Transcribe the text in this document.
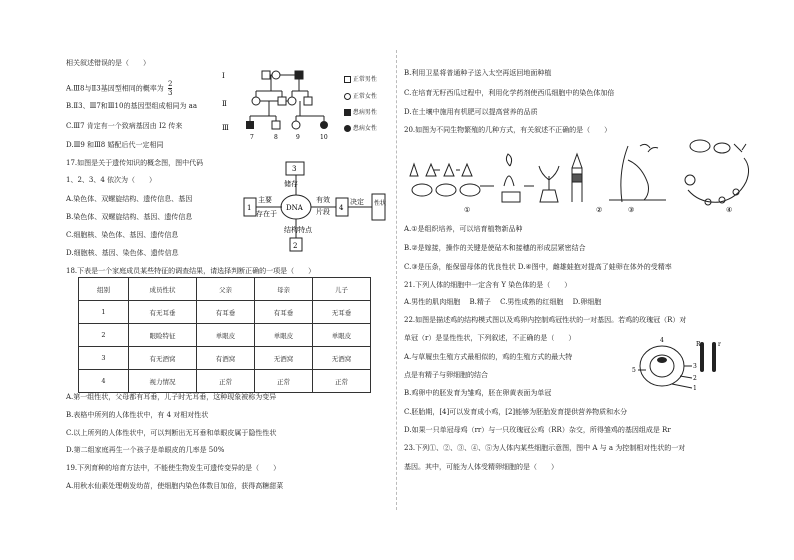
相关叙述错误的是（　　）
A.Ⅲ8与Ⅱ3基因型相同的概率为 $\frac{2}{3}$
B.Ⅱ3、Ⅲ7和Ⅲ10的基因型组成相同为 aa
C.Ⅲ7 肯定有一个致病基因由 I2 传来
D.Ⅲ9 和Ⅲ8 婚配后代一定相同
17.如图是关于遗传知识的概念图，图中代码
1、2、3、4 依次为（　　）
A.染色体、双螺旋结构、遗传信息、基因
B.染色体、双螺旋结构、基因、遗传信息
C.细胞核、染色体、基因、遗传信息
D.细胞核、基因、染色体、遗传信息
18.下表是一个家庭成员某些特征的调查结果，请选择判断正确的一项是（　　）
I
Ⅱ
Ⅲ
7	8	9	10
正常男性
正常女性
患病男性
患病女性
3
储存
1
主要
存在于
DNA
有效
片段 4
决定 性状
结构特点
2
组别	成员性状	父亲	母亲	儿子
1	有无耳垂	有耳垂	有耳垂	无耳垂
2	眼睑特征	单眼皮	单眼皮	单眼皮
3	有无酒窝	有酒窝	无酒窝	无酒窝
4	视力情况	正常	正常	正常
A.第一组性状，父母都有耳垂，儿子时无耳垂，这种现象被称为变异
B.表格中所列的人体性状中，有 4 对相对性状
C.以上所列的人体性状中，可以判断出无耳垂和单眼皮属于隐性性状
D.第二组家庭再生一个孩子是单眼皮的几率是 50%
19.下列育种的培育方法中，不能使生物发生可遗传变异的是（　　）
A.用秋水仙素处理萌发幼苗，使细胞内染色体数目加倍，获得高糖甜菜
B.利用卫星将普通种子送入太空再返回地面种植
C.在培育无籽西瓜过程中，利用化学药剂使西瓜细胞中的染色体加倍
D.在土壤中施用有机肥可以提高营养的品质
20.如图为不同生物繁殖的几种方式，有关叙述不正确的是（　　）
①	②	③	④
A.①是组织培养，可以培育植物新品种
B.②是嫁接，操作的关键是使砧木和接穗的形成层紧密结合
C.③是压条，能保留母体的优良性状 D.④图中，雌雄蛙抱对提高了蛙卵在体外的受精率
21.下列人体的细胞中一定含有 Y 染色体的是（　　）
A.男性的肌肉细胞　 B.精子　 C.男性成熟的红细胞　 D.卵细胞
22.如图是描述鸡的结构模式图以及鸡卵内控制鸡冠性状的一对基因。若鸡的玫瑰冠（R）对
单冠（r）是显性性状，下列叙述，不正确的是（　　）
A.与草履虫生殖方式最相似的，鸡的生殖方式的最大特
点是有精子与卵细胞的结合
B.鸡卵中的胚发育为雏鸡，胚在卵黄表面为单冠
C.胚胎期，[4]可以发育成小鸡，[2]能够为胚胎发育提供营养物质和水分
D.如果一只单冠母鸡（rr）与一只玫瑰冠公鸡（RR）杂交，所得雏鸡的基因组成是 Rr
23.下列①、②、③、④、⑤为人体内某些细胞示意图，图中 A 与 a 为控制相对性状的一对
基因。其中，可能为人体受精卵细胞的是（　　）
5
3
2
1
R	r
4
